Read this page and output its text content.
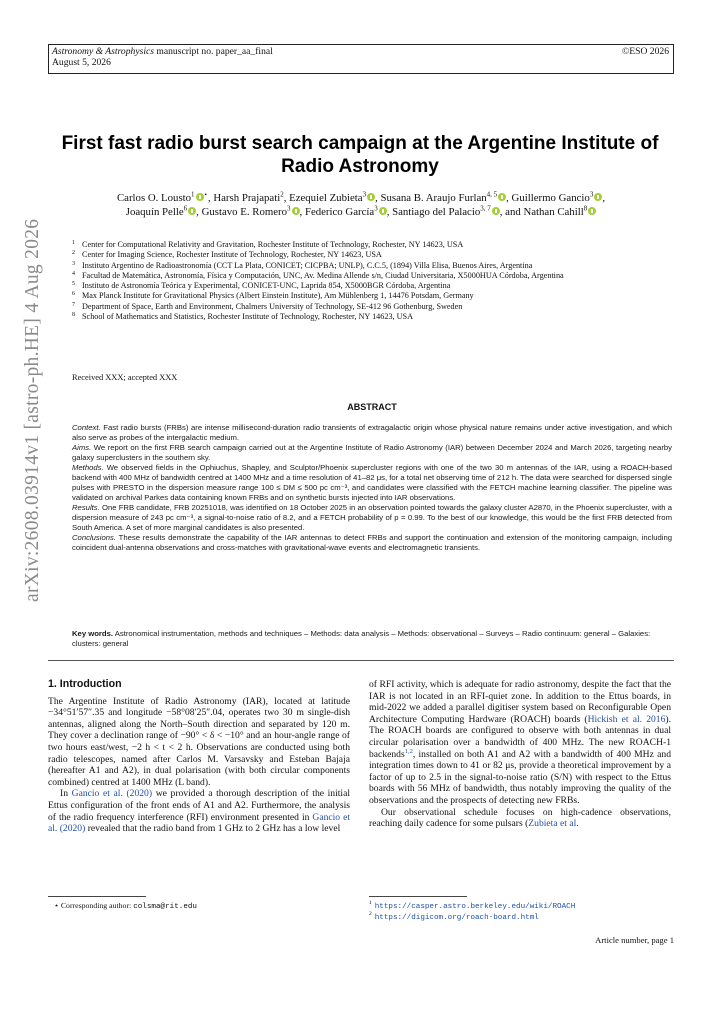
Astronomy & Astrophysics manuscript no. paper_aa_final
August 5, 2026
©ESO 2026
First fast radio burst search campaign at the Argentine Institute of Radio Astronomy
Carlos O. Lousto$^1$ ⋆, Harsh Prajapati$^2$, Ezequiel Zubieta$^3$ , Susana B. Araujo Furlan$^{4, 5}$ , Guillermo Gancio$^3$ ,
Joaquín Pelle$^6$ , Gustavo E. Romero$^3$ , Federico García$^3$ , Santiago del Palacio$^{3, 7}$ , and Nathan Cahill$^8$
1 Center for Computational Relativity and Gravitation, Rochester Institute of Technology, Rochester, NY 14623, USA
2 Center for Imaging Science, Rochester Institute of Technology, Rochester, NY 14623, USA
3 Instituto Argentino de Radioastronomía (CCT La Plata, CONICET; CICPBA; UNLP), C.C.5, (1894) Villa Elisa, Buenos Aires, Argentina
4 Facultad de Matemática, Astronomía, Física y Computación, UNC, Av. Medina Allende s/n, Ciudad Universitaria, X5000HUA Córdoba, Argentina
5 Instituto de Astronomía Teórica y Experimental, CONICET-UNC, Laprida 854, X5000BGR Córdoba, Argentina
6 Max Planck Institute for Gravitational Physics (Albert Einstein Institute), Am Mühlenberg 1, 14476 Potsdam, Germany
7 Department of Space, Earth and Environment, Chalmers University of Technology, SE-412 96 Gothenburg, Sweden
8 School of Mathematics and Statistics, Rochester Institute of Technology, Rochester, NY 14623, USA
Received XXX; accepted XXX
ABSTRACT

Context. Fast radio bursts (FRBs) are intense millisecond-duration radio transients of extragalactic origin whose physical nature remains under active investigation, and which also serve as probes of the intergalactic medium.

Aims. We report on the first FRB search campaign carried out at the Argentine Institute of Radio Astronomy (IAR) between December 2024 and March 2026, targeting nearby galaxy superclusters in the southern sky.

Methods. We observed fields in the Ophiuchus, Shapley, and Sculptor/Phoenix supercluster regions with one of the two 30 m antennas of the IAR, using a ROACH-based backend with 400 MHz of bandwidth centred at 1400 MHz and a time resolution of 41–82 μs, for a total net observing time of 212 h. The data were searched for dispersed single pulses with PRESTO in the dispersion measure range 100 ≤ DM ≤ 500 pc cm⁻³, and candidates were classified with the FETCH machine learning classifier. The pipeline was validated on archival Parkes data containing known FRBs and on synthetic bursts injected into IAR observations.

Results. One FRB candidate, FRB 20251018, was identified on 18 October 2025 in an observation pointed towards the galaxy cluster A2870, in the Phoenix supercluster, with a dispersion measure of 243 pc cm⁻³, a signal-to-noise ratio of 8.2, and a FETCH probability of p = 0.99. To the best of our knowledge, this would be the first FRB detected from South America. A set of more marginal candidates is also presented.

Conclusions. These results demonstrate the capability of the IAR antennas to detect FRBs and support the continuation and extension of the monitoring campaign, including coincident dual-antenna observations and cross-matches with gravitational-wave events and electromagnetic transients.

Key words. Astronomical instrumentation, methods and techniques – Methods: data analysis – Methods: observational – Surveys – Radio continuum: general – Galaxies: clusters: general
arXiv:2608.03914v1 [astro-ph.HE] 4 Aug 2026
1. Introduction

The Argentine Institute of Radio Astronomy (IAR), located at latitude −34°51′57″.35 and longitude −58°08′25″.04, operates two 30 m single-dish antennas, aligned along the North–South direction and separated by 120 m. They cover a declination range of −90° < δ < −10° and an hour-angle range of two hours east/west, −2 h < t < 2 h. Observations are conducted using both radio telescopes, named after Carlos M. Varsavsky and Esteban Bajaja (hereafter A1 and A2), in dual polarisation (with both circular components combined) centred at 1400 MHz (L band).

In Gancio et al. (2020) we provided a thorough description of the initial Ettus configuration of the front ends of A1 and A2. Furthermore, the analysis of the radio frequency interference (RFI) environment presented in Gancio et al. (2020) revealed that the radio band from 1 GHz to 2 GHz has a low level

of RFI activity, which is adequate for radio astronomy, despite the fact that the IAR is not located in an RFI-quiet zone. In addition to the Ettus boards, in mid-2022 we added a parallel digitiser system based on Reconfigurable Open Architecture Computing Hardware (ROACH) boards (Hickish et al. 2016). The ROACH boards are configured to observe with both antennas in dual circular polarisation over a bandwidth of 400 MHz. The new ROACH-1 backends$^{1,2}$, installed on both A1 and A2 with a bandwidth of 400 MHz and integration times down to 41 or 82 μs, provide a theoretical improvement by a factor of up to 2.5 in the signal-to-noise ratio (S/N) with respect to the Ettus boards with 56 MHz of bandwidth, thus notably improving the quality of the observations and the prospects of detecting new FRBs.

Our observational schedule focuses on high-cadence observations, reaching daily cadence for some pulsars (Zubieta et al.

⋆ Corresponding author: colsma@rit.edu	$^1$ https://casper.astro.berkeley.edu/wiki/ROACH
$^2$ https://digicom.org/roach-board.html
Article number, page 1
